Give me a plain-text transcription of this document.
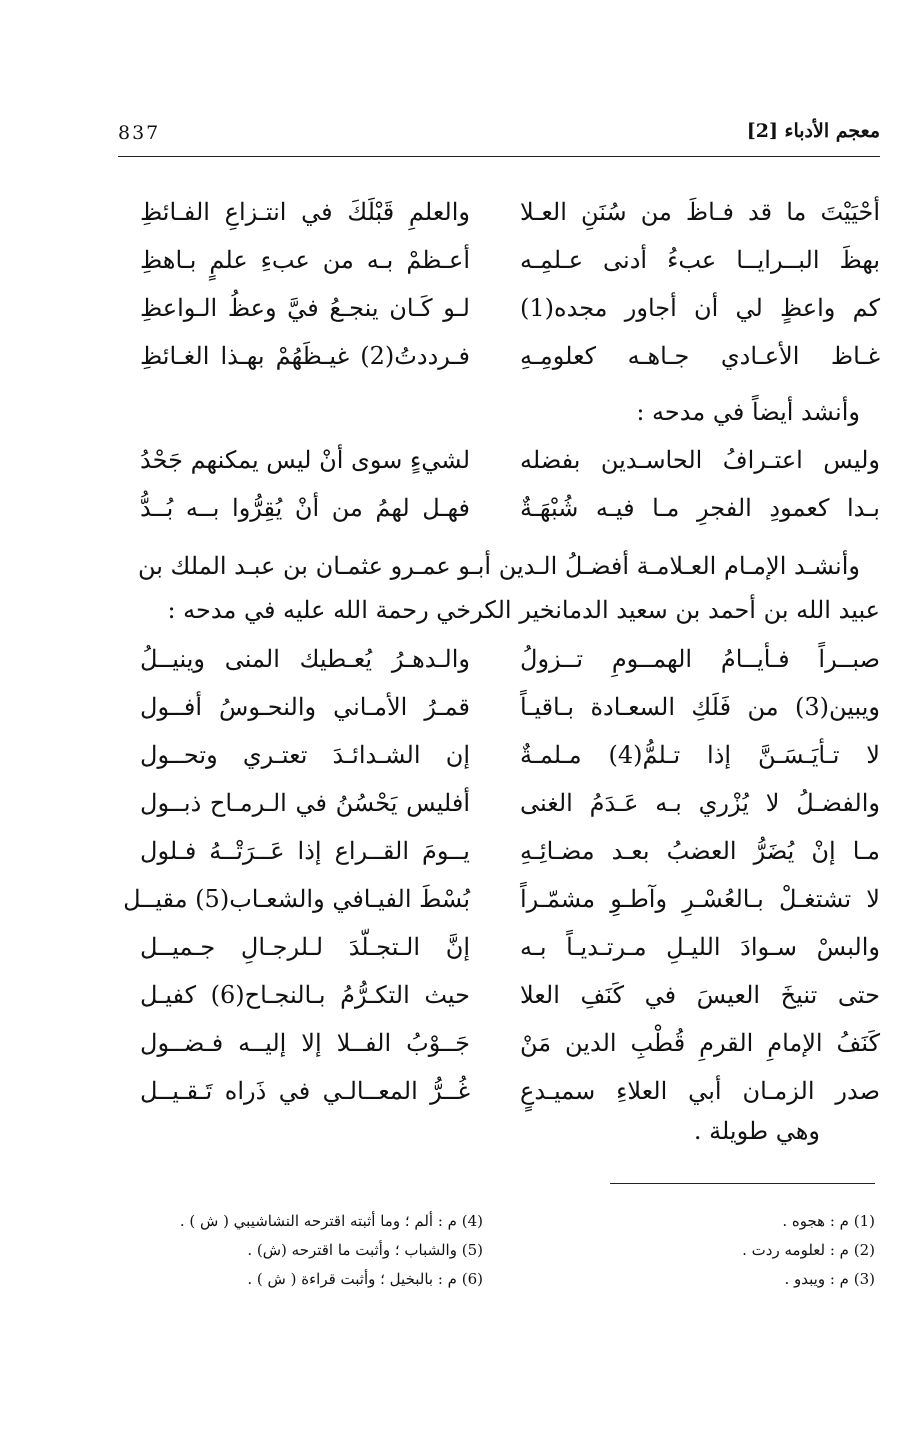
معجم الأدباء [2]
837
أحْيَيْتَ ما قد فـاظَ من سُنَنِ العـلا
والعلمِ قَبْلَكَ في انتـزاعِ الفـائظِ
بهظَ البــرايــا عبءُ أدنى عـلمِـه
أعـظمْ بـه من عبءِ علمٍ بـاهظِ
كم واعظٍ لي أن أجاور مجده(1)
لـو كَـان ينجـعُ فيَّ وعظُ الـواعظِ
غـاظ الأعـادي جـاهـه كعلومِـهِ
فـرددتُ(2) غيـظَهُمْ بهـذا الغـائظِ
وأنشد أيضاً في مدحه :
وليس اعتـرافُ الحاسـدين بفضله
لشيءٍ سوى أنْ ليس يمكنهم جَحْدُ
بـدا كعمودِ الفجرِ مـا فيـه شُبْهَـةٌ
فهـل لهمُ من أنْ يُقِرُّوا بــه بُــدُّ
وأنشـد الإمـام العـلامـة أفضـلُ الـدين أبـو عمـرو عثمـان بن عبـد الملك بن
عبيد الله بن أحمد بن سعيد الدمانخير الكرخي رحمة الله عليه في مدحه :
صبــراً فـأيــامُ الهمــومِ تــزولُ
والـدهـرُ يُعـطيك المنى وينيــلُ
ويبين(3) من فَلَكِ السعـادة بـاقيـاً
قمـرُ الأمـاني والنحـوسُ أفــول
لا تـأيَـسَـنَّ إذا تـلمُّ(4) مـلمـةٌ
إن الشـدائـدَ تعتـري وتحــول
والفضـلُ لا يُزْري بـه عَـدَمُ الغنى
أفليس يَحْسُنُ في الـرمـاح ذبــول
مـا إنْ يُضَرُّ العضبُ بعـد مضـائِـهِ
يــومَ القــراع إذا عَــرَتْــهُ فـلول
لا تشتغـلْ بـالعُسْـرِ وآطـوِ مشمّـراً
بُسْطَ الفيـافي والشعـاب(5) مقيــل
والبسْ سـوادَ الليـلِ مـرتـديـاً بـه
إنَّ الـتجـلّدَ لـلرجـالِ جـميــل
حتى تنيخَ العيسَ في كَنَفِ العلا
حيث التكـرُّمُ بـالنجـاح(6) كفيـل
كَنَفُ الإمامِ القرمِ قُطْبِ الدين مَنْ
جَــوْبُ الفــلا إلا إليــه فـضــول
صدر الزمـان أبي العلاءِ سميـدعٍ
غُــرُّ المعــالـي في ذَراه تَـقـيــل
وهي طويلة .
(1) م : هجوه .
(2) م : لعلومه ردت .
(3) م : ويبدو .
(4) م : ألم ؛ وما أثبته اقترحه النشاشيبي ( ش ) .
(5) والشباب ؛ وأثبت ما اقترحه (ش) .
(6) م : بالبخيل ؛ وأثبت قراءة ( ش ) .
